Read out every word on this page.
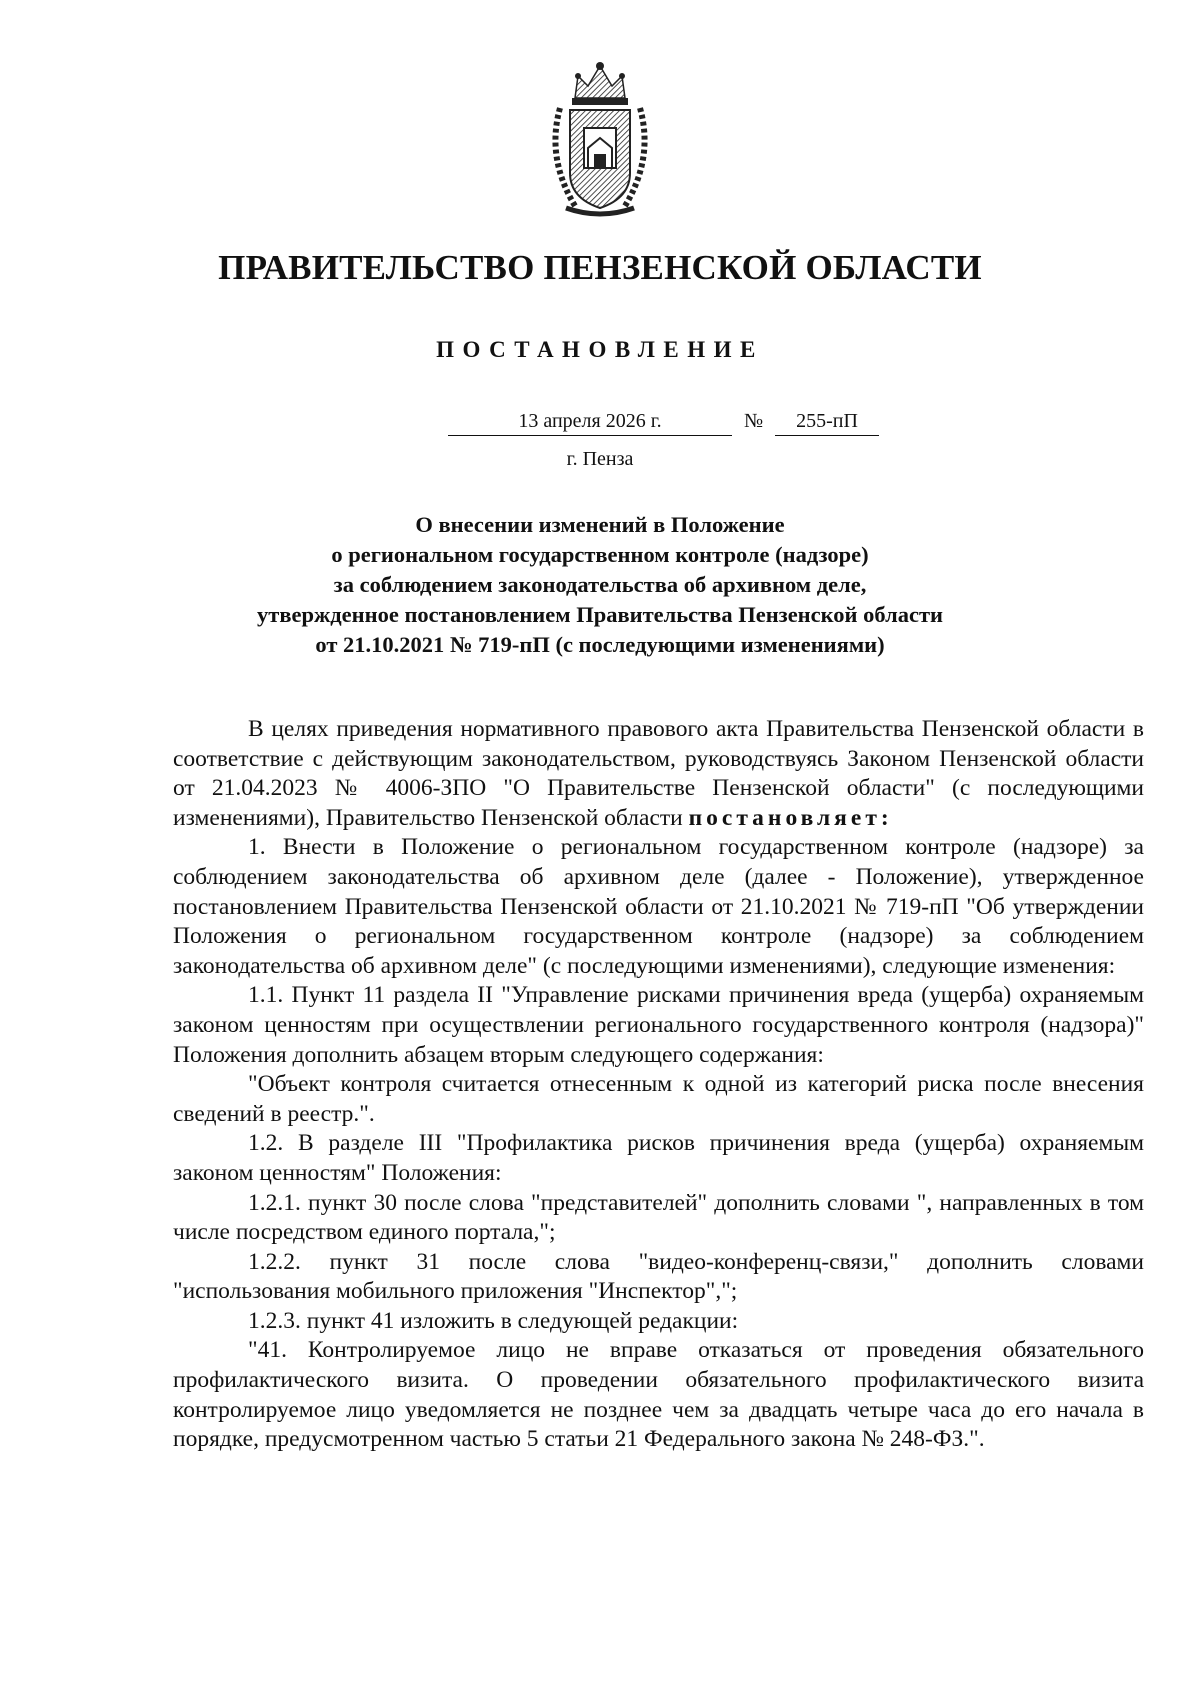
ПРАВИТЕЛЬСТВО ПЕНЗЕНСКОЙ ОБЛАСТИ
ПОСТАНОВЛЕНИЕ
13 апреля 2026 г.	№	255-пП
г. Пенза
О внесении изменений в Положение
о региональном государственном контроле (надзоре)
за соблюдением законодательства об архивном деле,
утвержденное постановлением Правительства Пензенской области
от 21.10.2021 № 719-пП (с последующими изменениями)

В целях приведения нормативного правового акта Правительства Пензенской области в соответствие с действующим законодательством, руководствуясь Законом Пензенской области от 21.04.2023 № 4006-ЗПО "О Правительстве Пензенской области" (с последующими изменениями), Правительство Пензенской области постановляет:

1. Внести в Положение о региональном государственном контроле (надзоре) за соблюдением законодательства об архивном деле (далее - Положение), утвержденное постановлением Правительства Пензенской области от 21.10.2021 № 719-пП "Об утверждении Положения о региональном государственном контроле (надзоре) за соблюдением законодательства об архивном деле" (с последующими изменениями), следующие изменения:

1.1. Пункт 11 раздела II "Управление рисками причинения вреда (ущерба) охраняемым законом ценностям при осуществлении регионального государственного контроля (надзора)" Положения дополнить абзацем вторым следующего содержания:

"Объект контроля считается отнесенным к одной из категорий риска после внесения сведений в реестр.".

1.2. В разделе III "Профилактика рисков причинения вреда (ущерба) охраняемым законом ценностям" Положения:

1.2.1. пункт 30 после слова "представителей" дополнить словами ", направленных в том числе посредством единого портала,";

1.2.2. пункт 31 после слова "видео-конференц-связи," дополнить словами "использования мобильного приложения "Инспектор",";

1.2.3. пункт 41 изложить в следующей редакции:

"41. Контролируемое лицо не вправе отказаться от проведения обязательного профилактического визита. О проведении обязательного профилактического визита контролируемое лицо уведомляется не позднее чем за двадцать четыре часа до его начала в порядке, предусмотренном частью 5 статьи 21 Федерального закона № 248-ФЗ.".
